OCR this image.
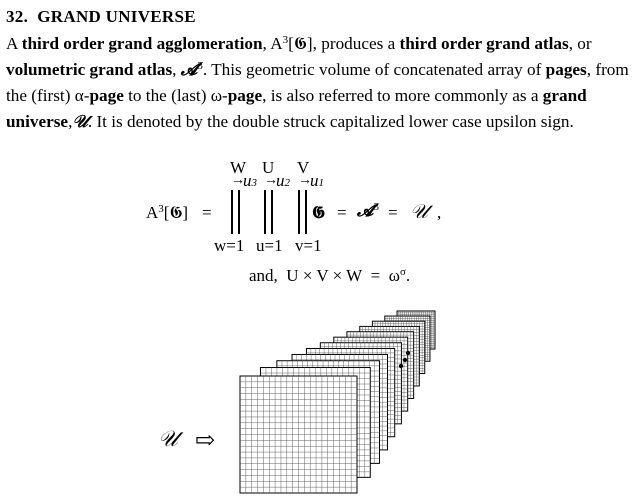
32. GRAND UNIVERSE
A third order grand agglomeration, $A^3[𝕲]$, produces a third order grand atlas, or volumetric grand atlas, 𝓐$^3$. This geometric volume of concatenated array of pages, from the (first) α-page to the (last) ω-page, is also referred to more commonly as a grand universe,𝒰. It is denoted by the double struck capitalized lower case upsilon sign.
$A^3[𝕲]$ =
W
→
u3
w=1
U
→
u2
u=1
V
→
u1
v=1
𝕲 = 𝓐$^3$ = 𝒰 ,
and, $U \times V \times W = \omega^\sigma$.
𝒰 ⇨
